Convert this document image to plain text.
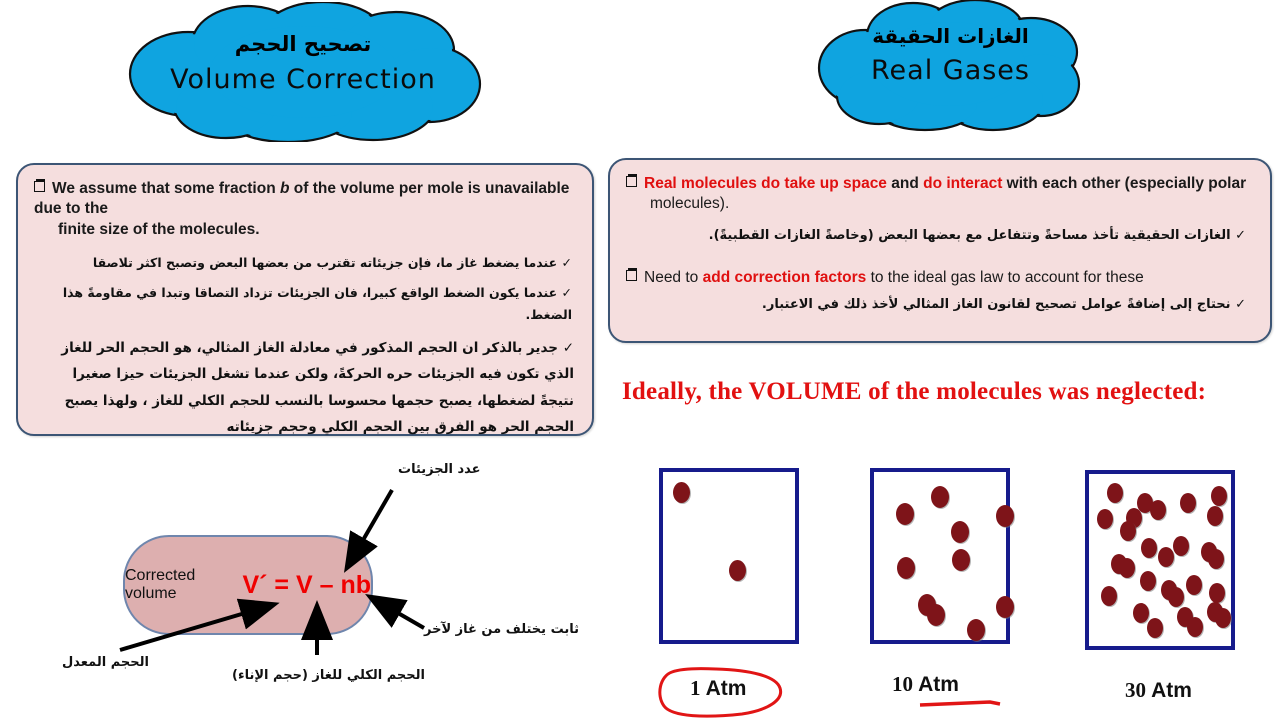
تصحيح الحجم
Volume Correction
الغازات الحقيقة
Real Gases
We assume that some fraction b of the volume per mole is unavailable due to the
finite size of the molecules.
✓ عندما يضغط غاز ما، فإن جزيئاته تقترب من بعضها البعض وتصبح اكثر تلاصقا
✓ عندما يكون الضغط الواقع كبيرا، فان الجزيئات تزداد التصاقا وتبدا في مقاومةً هذا الضغط.
✓ جدير بالذكر ان الحجم المذكور في معادلة الغاز المثالي، هو الحجم الحر للغاز الذي تكون فيه الجزيئات حره الحركةً، ولكن عندما تشغل الجزيئات حيزا صغيرا نتيجةً لضغطها، يصبح حجمها محسوسا بالنسب للحجم الكلي للغاز ، ولهذا يصبح الحجم الحر هو الفرق بين الحجم الكلي وحجم جزيئاته
Real molecules do take up space and do interact with each other (especially polar
molecules).
✓ الغازات الحقيقية تأخذ مساحةً وتتفاعل مع بعضها البعض (وخاصةً الغازات القطبيةً).
Need to add correction factors to the ideal gas law to account for these
✓ نحتاج إلى إضافةً عوامل تصحيح لقانون الغاز المثالي لأخذ ذلك في الاعتبار.
Ideally, the VOLUME of the molecules was neglected:
Corrected volume	V´ = V – nb
عدد الجزيئات
ثابت يختلف من غاز لآخر
الحجم المعدل
الحجم الكلي للغاز (حجم الإناء)
1 Atm	10 Atm	30 Atm
